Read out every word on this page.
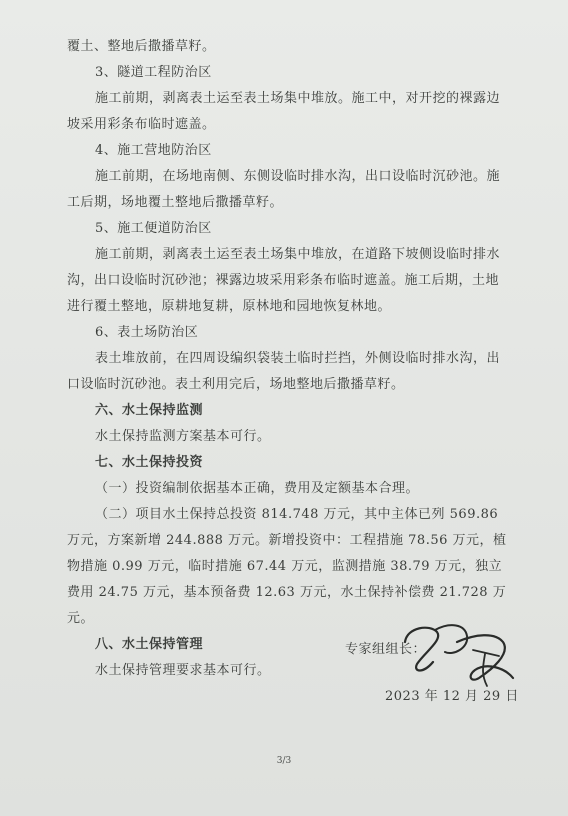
覆土、整地后撒播草籽。

3、隧道工程防治区

施工前期，剥离表土运至表土场集中堆放。施工中，对开挖的裸露边坡采用彩条布临时遮盖。

4、施工营地防治区

施工前期，在场地南侧、东侧设临时排水沟，出口设临时沉砂池。施工后期，场地覆土整地后撒播草籽。

5、施工便道防治区

施工前期，剥离表土运至表土场集中堆放，在道路下坡侧设临时排水沟，出口设临时沉砂池；裸露边坡采用彩条布临时遮盖。施工后期，土地进行覆土整地，原耕地复耕，原林地和园地恢复林地。

6、表土场防治区

表土堆放前，在四周设编织袋装土临时拦挡，外侧设临时排水沟，出口设临时沉砂池。表土利用完后，场地整地后撒播草籽。

六、水土保持监测

水土保持监测方案基本可行。

七、水土保持投资

（一）投资编制依据基本正确，费用及定额基本合理。

（二）项目水土保持总投资 814.748 万元，其中主体已列 569.86 万元，方案新增 244.888 万元。新增投资中：工程措施 78.56 万元，植物措施 0.99 万元，临时措施 67.44 万元，监测措施 38.79 万元，独立费用 24.75 万元，基本预备费 12.63 万元，水土保持补偿费 21.728 万元。

八、水土保持管理

水土保持管理要求基本可行。

专家组组长：
2023 年 12 月 29 日
3/3
